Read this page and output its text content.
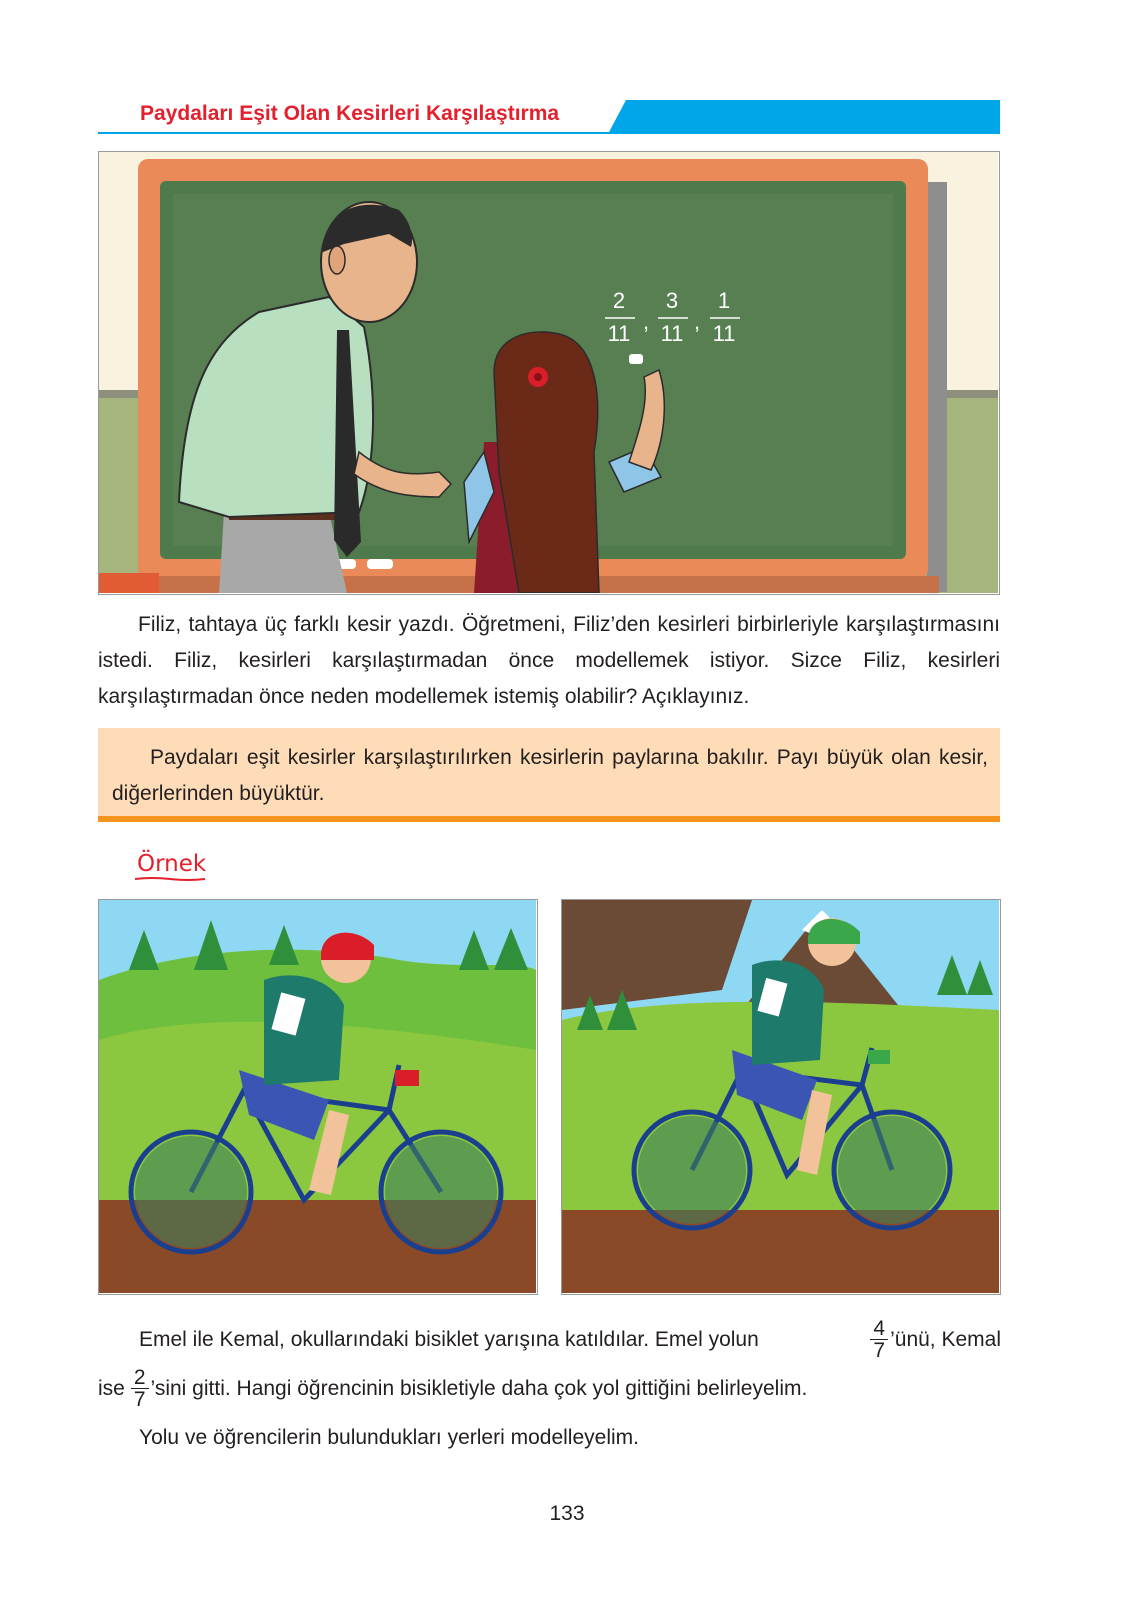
Paydaları Eşit Olan Kesirleri Karşılaştırma
2
11 ,
3
11 ,
1
11
Filiz, tahtaya üç farklı kesir yazdı. Öğretmeni, Filiz’den kesirleri birbirleriyle karşılaştırmasını istedi. Filiz, kesirleri karşılaştırmadan önce modellemek istiyor. Sizce Filiz, kesirleri karşılaştırmadan önce neden modellemek istemiş olabilir? Açıklayınız.
Paydaları eşit kesirler karşılaştırılırken kesirlerin paylarına bakılır. Payı büyük olan kesir, diğerlerinden büyüktür.
Örnek
Emel ile Kemal, okullarındaki bisiklet yarışına katıldılar. Emel yolun	$\frac{4}{7}$ ’ünü, Kemal
ise $\frac{2}{7}$ ’sini gitti. Hangi öğrencinin bisikletiyle daha çok yol gittiğini belirleyelim.
Yolu ve öğrencilerin bulundukları yerleri modelleyelim.
133
